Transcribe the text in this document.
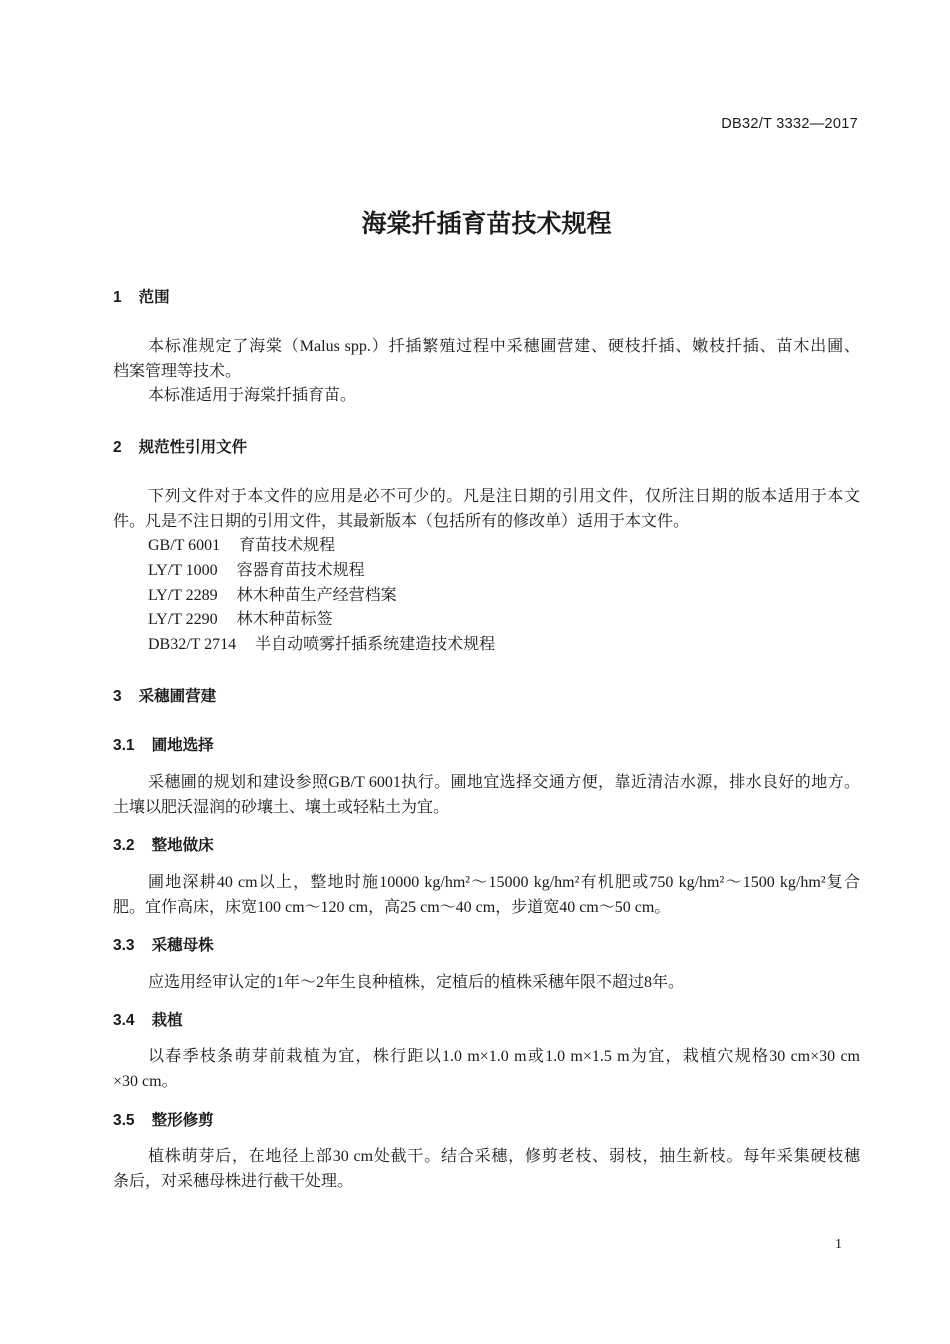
DB32/T 3332—2017
海棠扦插育苗技术规程
1 范围
本标准规定了海棠（Malus spp.）扦插繁殖过程中采穗圃营建、硬枝扦插、嫩枝扦插、苗木出圃、
档案管理等技术。
本标准适用于海棠扦插育苗。
2 规范性引用文件
下列文件对于本文件的应用是必不可少的。凡是注日期的引用文件，仅所注日期的版本适用于本文
件。凡是不注日期的引用文件，其最新版本（包括所有的修改单）适用于本文件。
GB/T 6001 育苗技术规程
LY/T 1000 容器育苗技术规程
LY/T 2289 林木种苗生产经营档案
LY/T 2290 林木种苗标签
DB32/T 2714 半自动喷雾扦插系统建造技术规程
3 采穗圃营建
3.1 圃地选择
采穗圃的规划和建设参照GB/T 6001执行。圃地宜选择交通方便，靠近清洁水源，排水良好的地方。
土壤以肥沃湿润的砂壤土、壤土或轻粘土为宜。
3.2 整地做床
圃地深耕40 cm以上，整地时施10000 kg/hm²～15000 kg/hm²有机肥或750 kg/hm²～1500 kg/hm²复合
肥。宜作高床，床宽100 cm～120 cm，高25 cm～40 cm，步道宽40 cm～50 cm。
3.3 采穗母株
应选用经审认定的1年～2年生良种植株，定植后的植株采穗年限不超过8年。
3.4 栽植
以春季枝条萌芽前栽植为宜，株行距以1.0 m×1.0 m或1.0 m×1.5 m为宜，栽植穴规格30 cm×30 cm
×30 cm。
3.5 整形修剪
植株萌芽后，在地径上部30 cm处截干。结合采穗，修剪老枝、弱枝，抽生新枝。每年采集硬枝穗
条后，对采穗母株进行截干处理。
1
